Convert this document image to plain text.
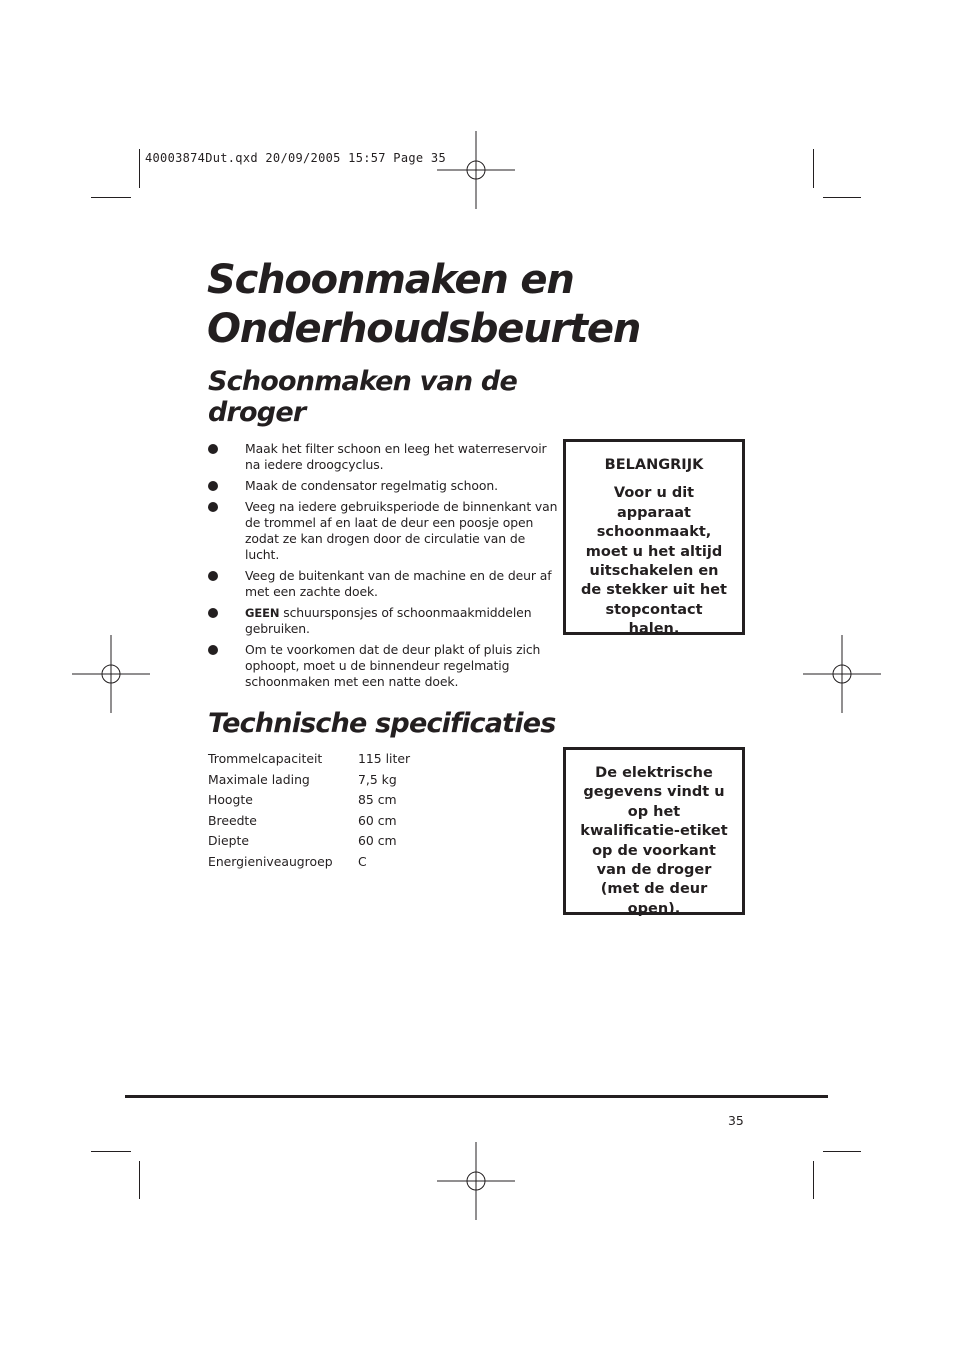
40003874Dut.qxd 20/09/2005 15:57 Page 35
Schoonmaken en
Onderhoudsbeurten
Schoonmaken van de
droger
Maak het filter schoon en leeg het waterreservoir na iedere droogcyclus.
Maak de condensator regelmatig schoon.
Veeg na iedere gebruiksperiode de binnenkant van de trommel af en laat de deur een poosje open zodat ze kan drogen door de circulatie van de lucht.
Veeg de buitenkant van de machine en de deur af met een zachte doek.
GEEN schuursponsjes of schoonmaakmiddelen gebruiken.
Om te voorkomen dat de deur plakt of pluis zich ophoopt, moet u de binnendeur regelmatig schoonmaken met een natte doek.
BELANGRIJK
Voor u dit apparaat schoonmaakt, moet u het altijd uitschakelen en de stekker uit het stopcontact halen.
Technische specificaties
Trommelcapaciteit	115 liter
Maximale lading	7,5 kg
Hoogte	85 cm
Breedte	60 cm
Diepte	60 cm
Energieniveaugroep C
De elektrische gegevens vindt u op het kwalificatie-etiket op de voorkant van de droger (met de deur open).
35
